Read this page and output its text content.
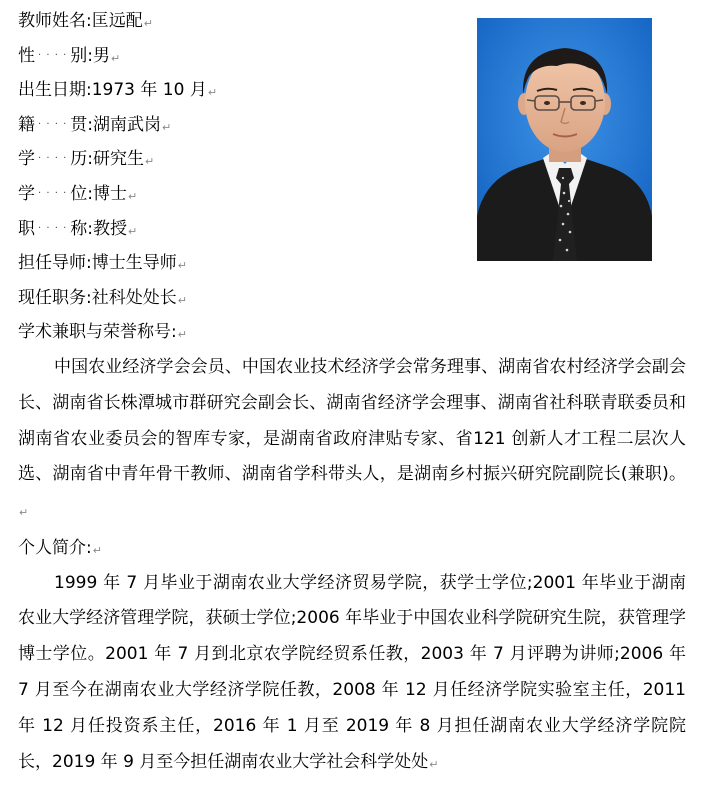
教师姓名:匡远配↵
性 · · · · 别:男↵
出生日期:1973 年 10 月↵
籍 · · · · 贯:湖南武岗↵
学 · · · · 历:研究生↵
学 · · · · 位:博士↵
职 · · · · 称:教授↵
担任导师:博士生导师↵
现任职务:社科处处长↵
学术兼职与荣誉称号:↵
中国农业经济学会会员、中国农业技术经济学会常务理事、湖南省农村经济学会副会长、湖南省长株潭城市群研究会副会长、湖南省经济学会理事、湖南省社科联青联委员和湖南省农业委员会的智库专家，是湖南省政府津贴专家、省121 创新人才工程二层次人选、湖南省中青年骨干教师、湖南省学科带头人，是湖南乡村振兴研究院副院长(兼职)。↵
个人简介:↵
1999 年 7 月毕业于湖南农业大学经济贸易学院，获学士学位;2001 年毕业于湖南农业大学经济管理学院，获硕士学位;2006 年毕业于中国农业科学院研究生院，获管理学博士学位。2001 年 7 月到北京农学院经贸系任教，2003 年 7 月评聘为讲师;2006 年 7 月至今在湖南农业大学经济学院任教，2008 年 12 月任经济学院实验室主任，2011 年 12 月任投资系主任，2016 年 1 月至 2019 年 8 月担任湖南农业大学经济学院院长，2019 年 9 月至今担任湖南农业大学社会科学处处↵
